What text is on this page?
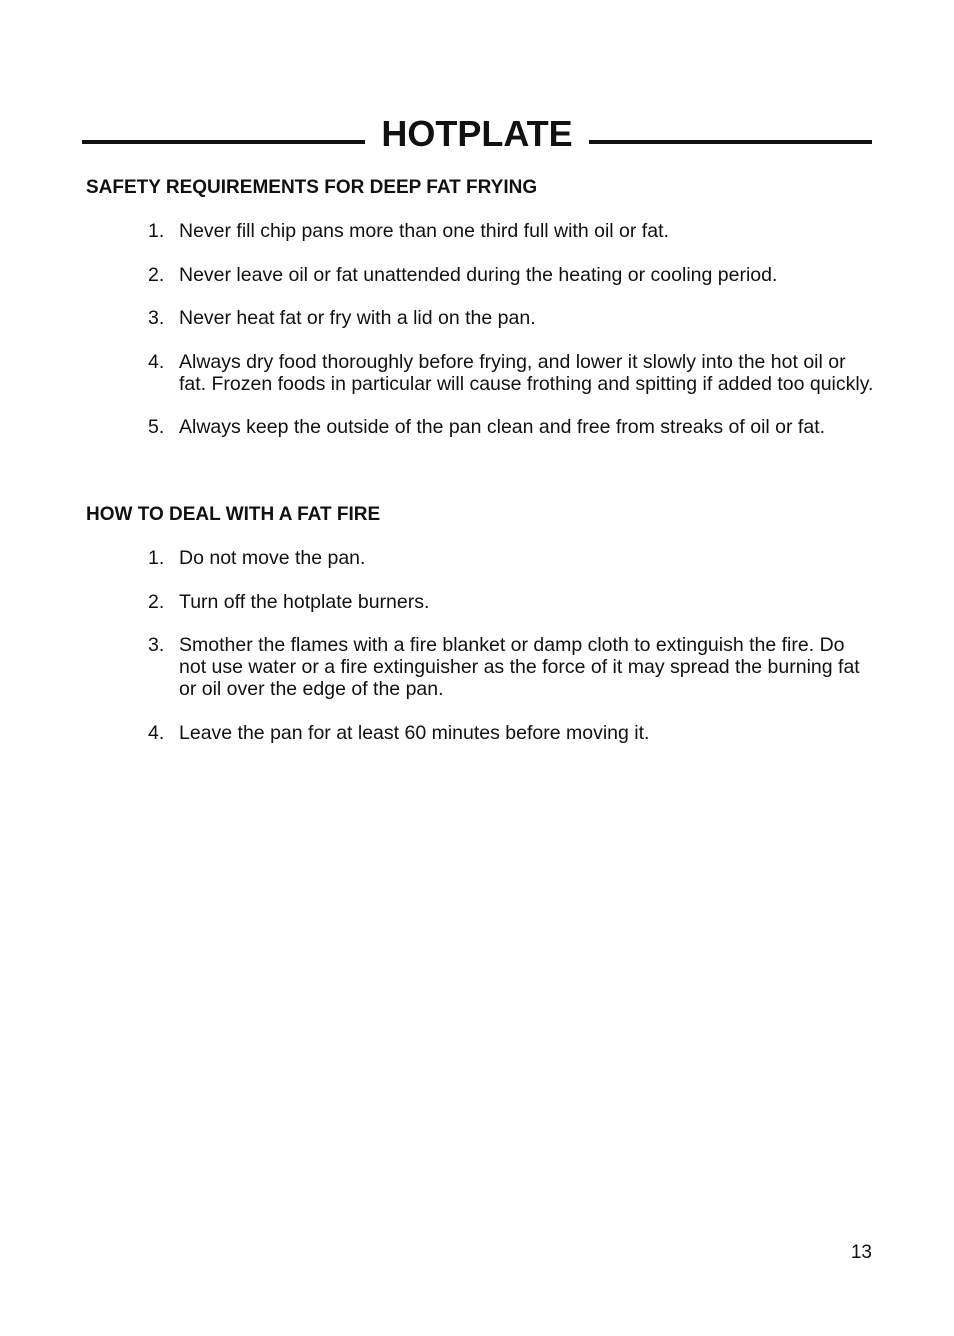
HOTPLATE
SAFETY REQUIREMENTS FOR DEEP FAT FRYING
1. Never fill chip pans more than one third full with oil or fat.
2. Never leave oil or fat unattended during the heating or cooling period.
3. Never heat fat or fry with a lid on the pan.
4. Always dry food thoroughly before frying, and lower it slowly into the hot oil or fat. Frozen foods in particular will cause frothing and spitting if added too quickly.
5. Always keep the outside of the pan clean and free from streaks of oil or fat.
HOW TO DEAL WITH A FAT FIRE
1. Do not move the pan.
2. Turn off the hotplate burners.
3. Smother the flames with a fire blanket or damp cloth to extinguish the fire. Do not use water or a fire extinguisher as the force of it may spread the burning fat or oil over the edge of the pan.
4. Leave the pan for at least 60 minutes before moving it.
13
